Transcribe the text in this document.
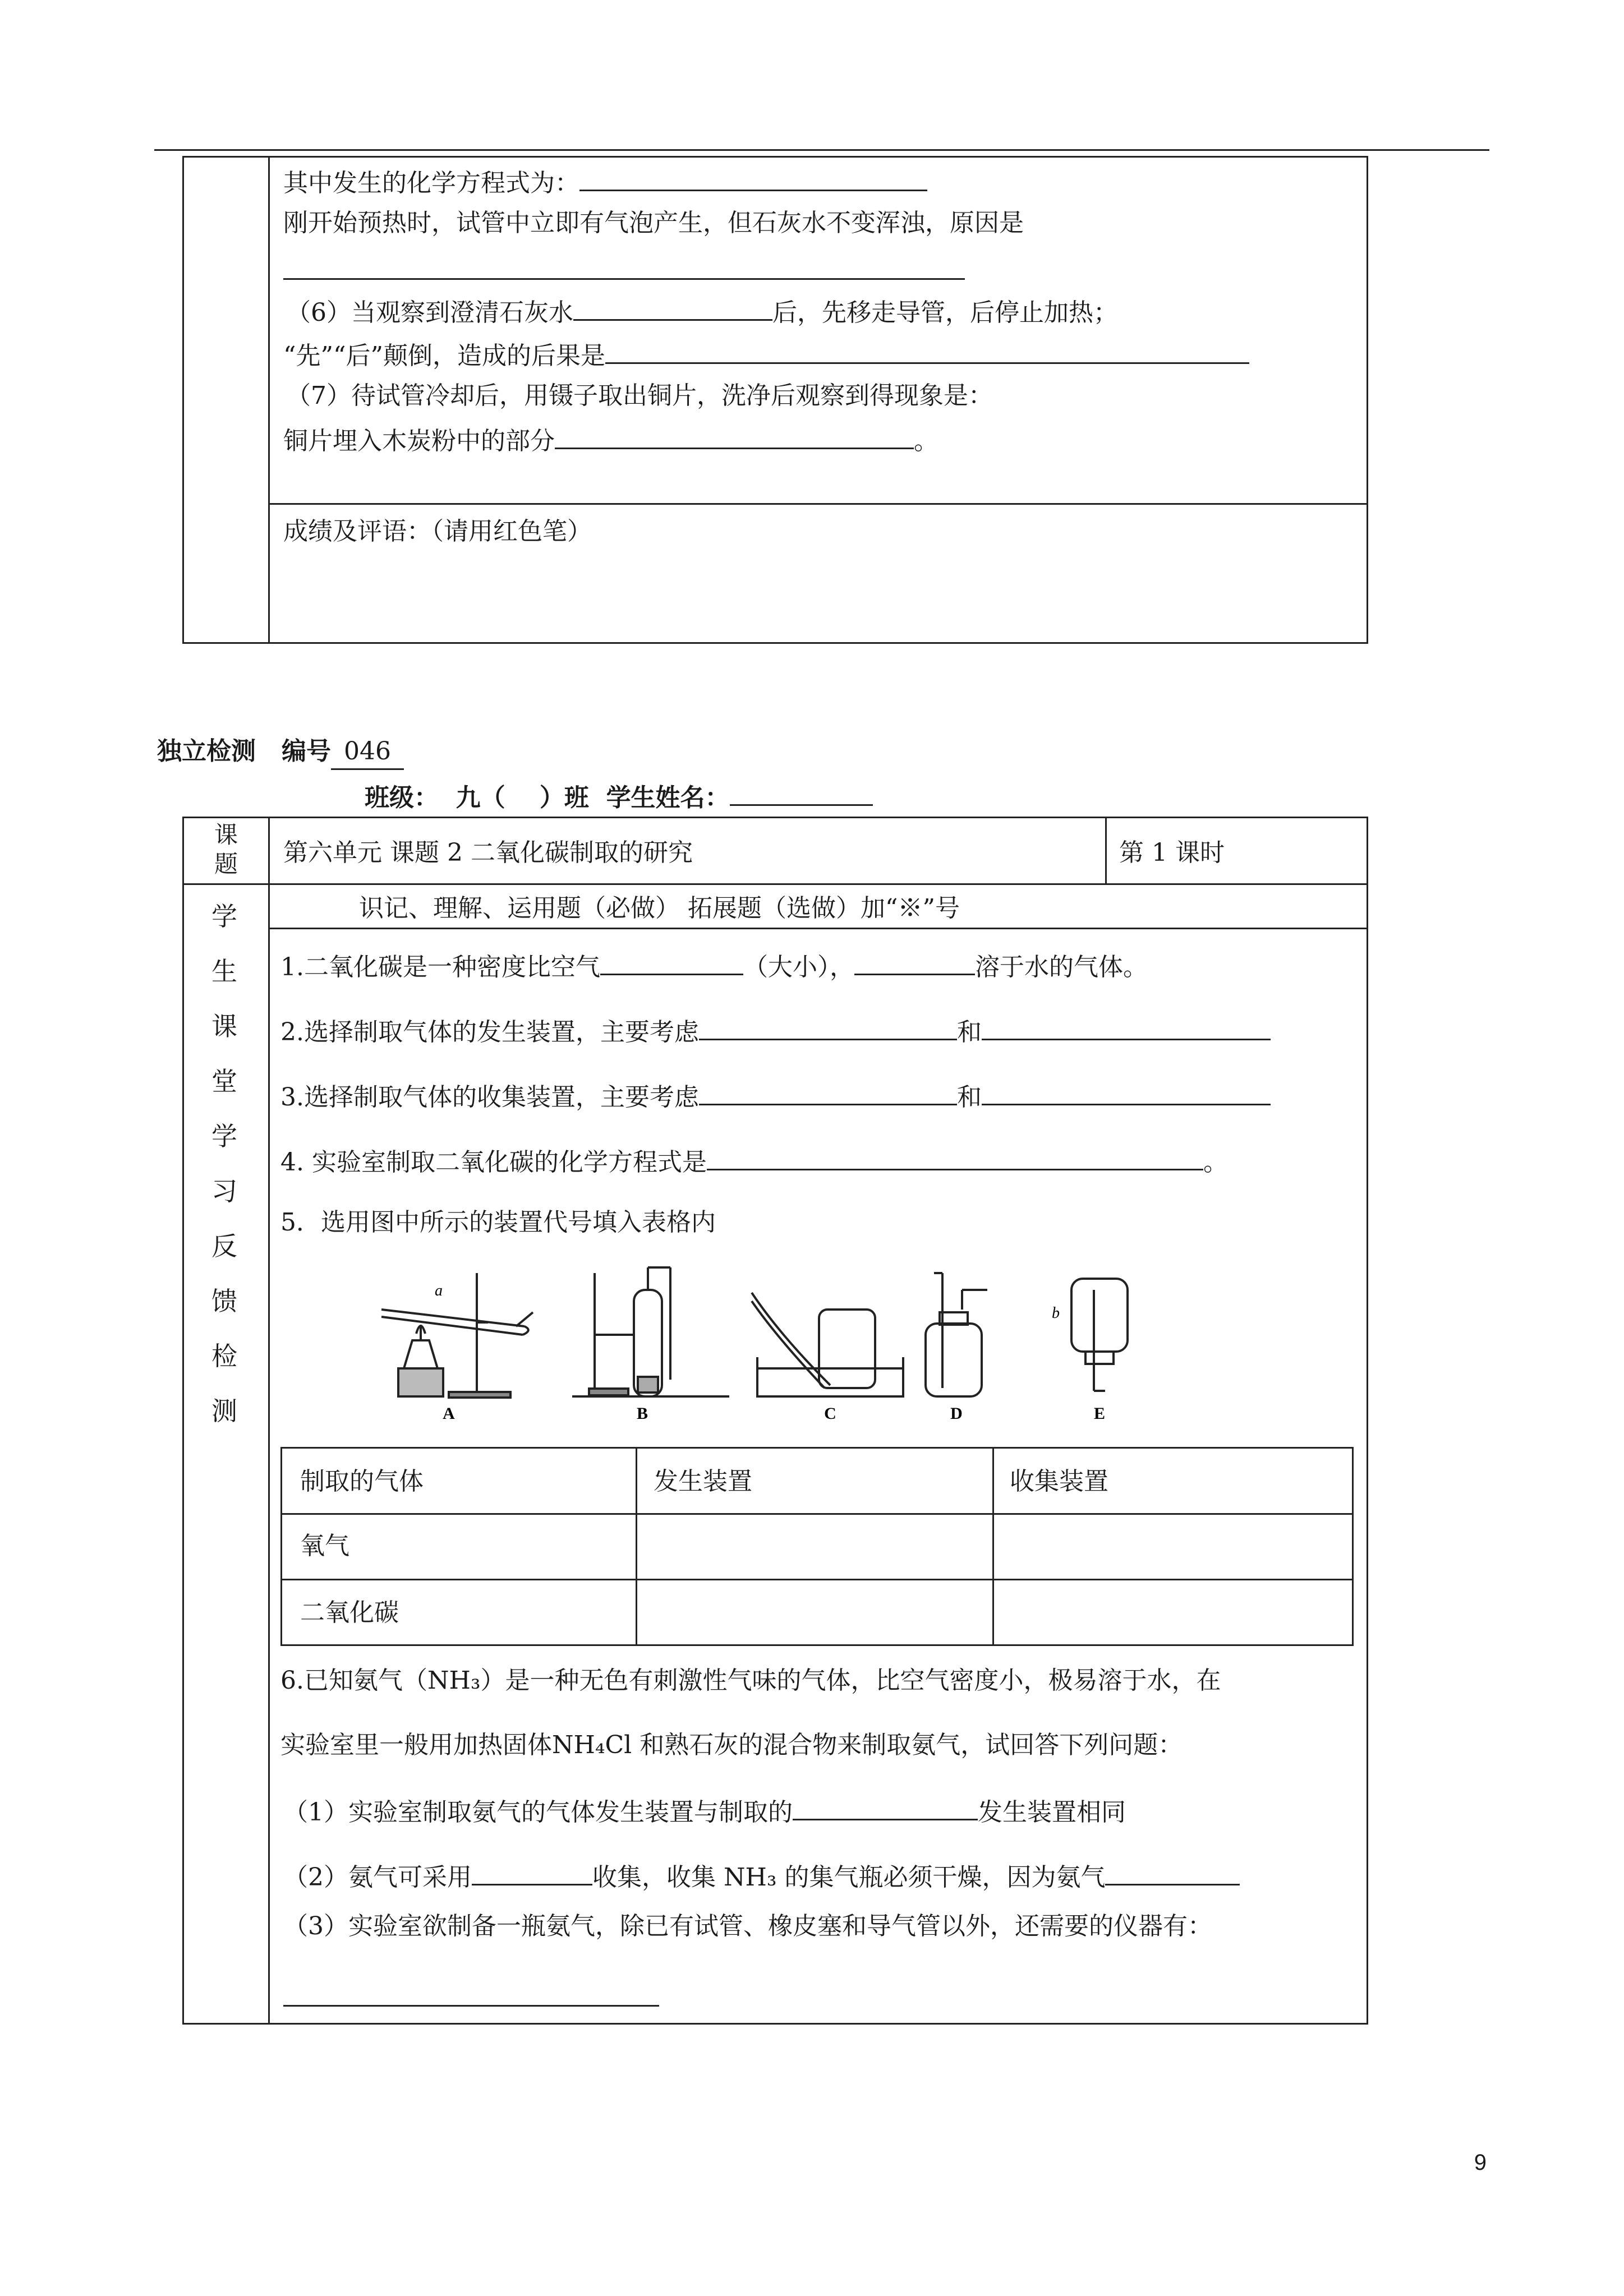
其中发生的化学方程式为：
刚开始预热时，试管中立即有气泡产生，但石灰水不变浑浊，原因是
（6）当观察到澄清石灰水	后，先移走导管，后停止加热；
“先”“后”颠倒，造成的后果是
（7）待试管冷却后，用镊子取出铜片，洗净后观察到得现象是：
铜片埋入木炭粉中的部分	。
成绩及评语：（请用红色笔）
独立检测 编号 046
班级： 九（ ）班 学生姓名：
课
题	第六单元 课题 2 二氧化碳制取的研究	第 1 课时
识记、理解、运用题（必做） 拓展题（选做）加“※”号
学
生
课
堂
学
习
反
馈
检
测
1.二氧化碳是一种密度比空气	（大小），	溶于水的气体。
2.选择制取气体的发生装置，主要考虑	和
3.选择制取气体的收集装置，主要考虑	和
4. 实验室制取二氧化碳的化学方程式是	。
5．选用图中所示的装置代号填入表格内
A	B	C	D	E
a
b
制取的气体	发生装置	收集装置
氧气
二氧化碳
6.已知氨气（NH₃）是一种无色有刺激性气味的气体，比空气密度小，极易溶于水，在
实验室里一般用加热固体NH₄Cl 和熟石灰的混合物来制取氨气，试回答下列问题：
（1）实验室制取氨气的气体发生装置与制取的	发生装置相同
（2）氨气可采用	收集，收集 NH₃ 的集气瓶必须干燥，因为氨气
（3）实验室欲制备一瓶氨气，除已有试管、橡皮塞和导气管以外，还需要的仪器有：
9
